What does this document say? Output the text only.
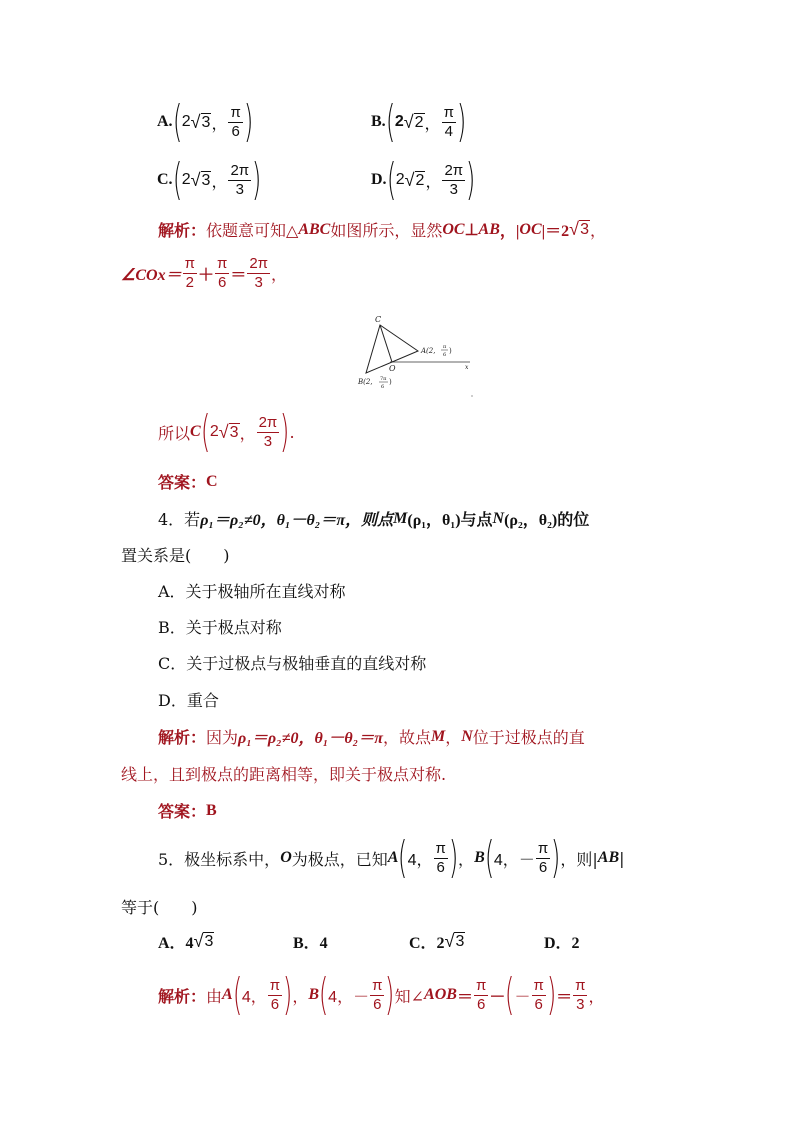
A. ( 2 √ 3 ， $\frac{\pi}{6}$ )	B. ( 2 √ 2 ， $\frac{\pi}{4}$ )
C. ( 2 √ 3 ， $\frac{2\pi}{3}$ )	D. ( 2 √ 2 ， $\frac{2\pi}{3}$ )
解析： 依题意可知△ ABC 如图所示，显然 OC ⊥ AB ，| OC |＝2 √ 3 ，
∠COx＝ $\frac{\pi}{2} + \frac{\pi}{6} = \frac{2\pi}{3}$ ，
C
O	x
A(2, π
6 )
B(2, 7π
6
)
所以 C ( 2 √ 3 ， $\frac{2\pi}{3}$ ) .
答案： C
4．若 ρ₁＝ρ₂≠0，θ₁－θ₂＝π，则点 M (ρ₁，θ₁)与点 N (ρ₂，θ₂)的位
置关系是(　　)
A．关于极轴所在直线对称
B．关于极点对称
C．关于过极点与极轴垂直的直线对称
D．重合
解析： 因为 ρ₁＝ρ₂≠0，θ₁－θ₂＝π ，故点 M ， N 位于过极点的直
线上，且到极点的距离相等，即关于极点对称.
答案： B
5．极坐标系中， O 为极点，已知 A ( 4， $\frac{\pi}{6}$ ) ， B ( 4， － $\frac{\pi}{6}$ ) ，则| AB |
等于(　　)
A．4 √ 3	B．4	C．2 √ 3	D．2
解析： 由 A ( 4， $\frac{\pi}{6}$ ) ， B ( 4， － $\frac{\pi}{6}$ ) 知∠ AOB ＝ $\frac{\pi}{6}$ － ( － $\frac{\pi}{6}$ ) ＝ $\frac{\pi}{3}$ ，
